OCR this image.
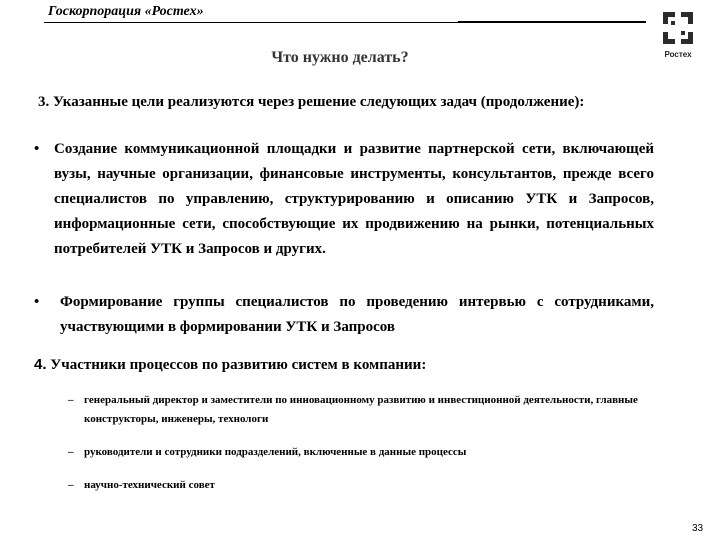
Госкорпорация «Ростех»
Ростех
Что нужно делать?
3. Указанные цели реализуются через решение следующих задач (продолжение):
• Создание коммуникационной площадки и развитие партнерской сети, включающей вузы, научные организации, финансовые инструменты, консультантов, прежде всего специалистов по управлению, структурированию и описанию УТК и Запросов, информационные сети, способствующие их продвижению на рынки, потенциальных потребителей УТК и Запросов и других.
•	Формирование группы специалистов по проведению интервью с сотрудниками, участвующими в формировании УТК и Запросов
4. Участники процессов по развитию систем в компании:
– генеральный директор и заместители по инновационному развитию и инвестиционной деятельности, главные конструкторы, инженеры, технологи
– руководители и сотрудники подразделений, включенные в данные процессы
– научно-технический совет
33
